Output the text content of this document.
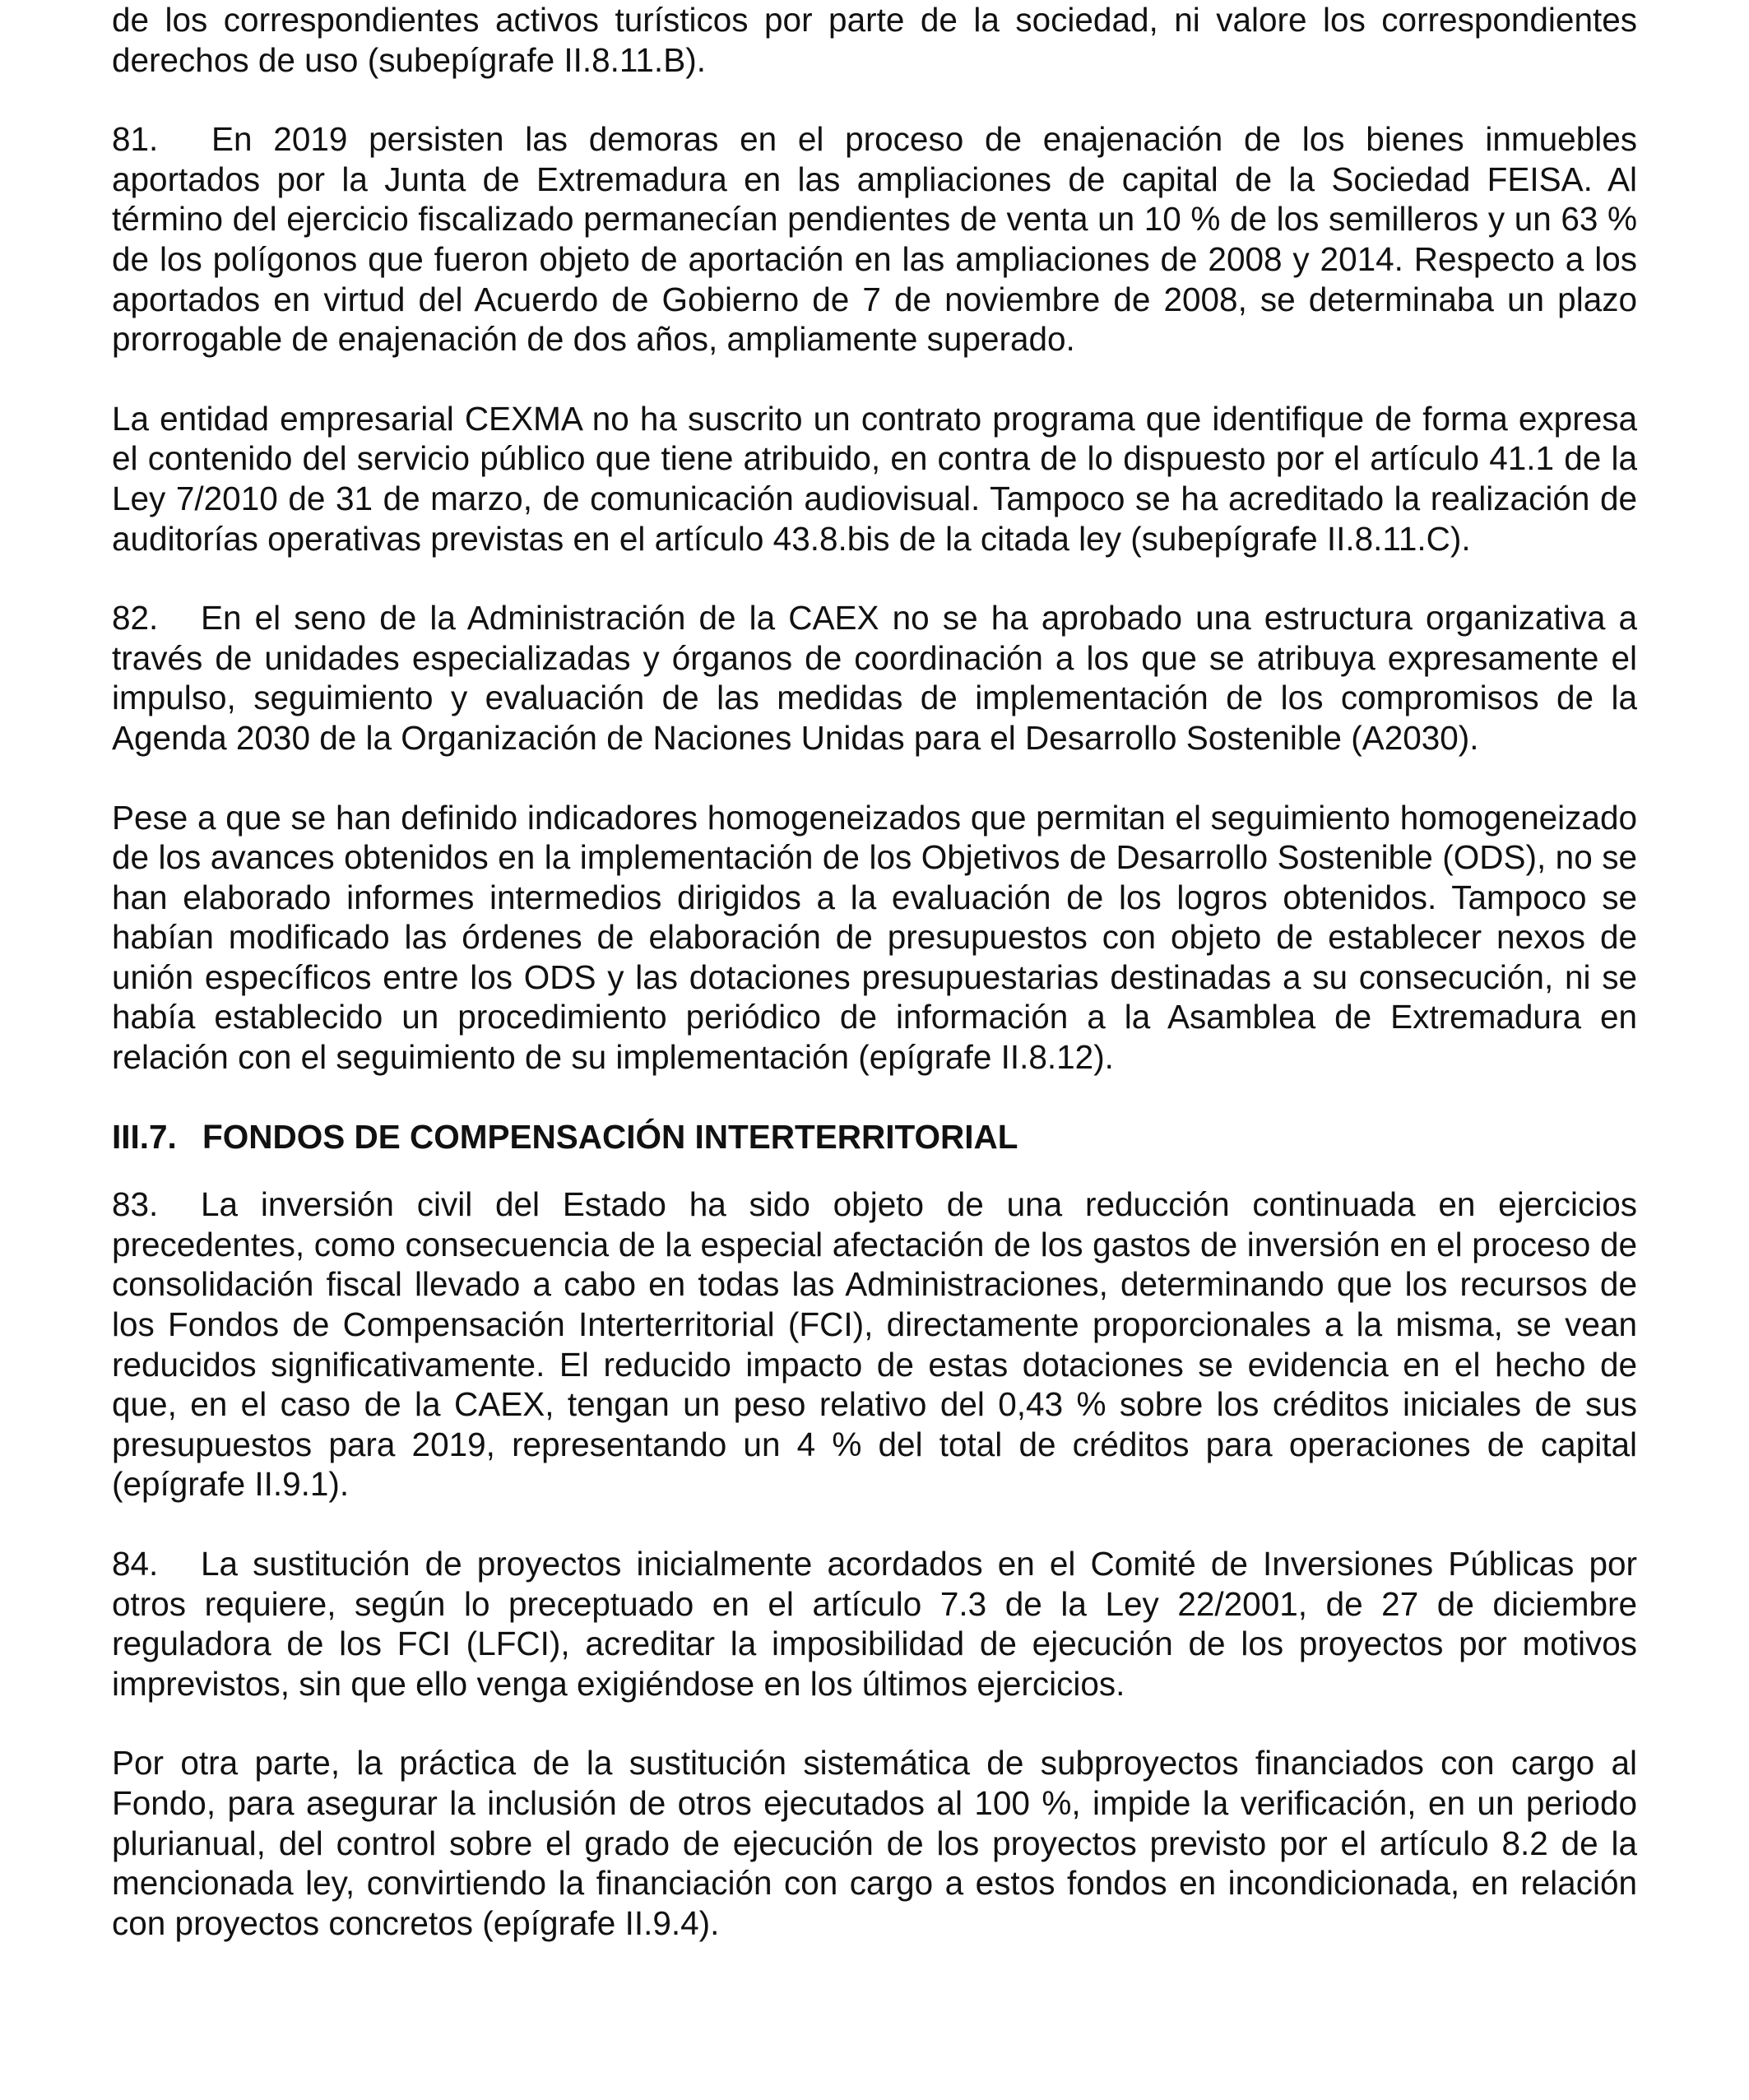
de los correspondientes activos turísticos por parte de la sociedad, ni valore los correspondientes derechos de uso (subepígrafe II.8.11.B).

81. En 2019 persisten las demoras en el proceso de enajenación de los bienes inmuebles aportados por la Junta de Extremadura en las ampliaciones de capital de la Sociedad FEISA. Al término del ejercicio fiscalizado permanecían pendientes de venta un 10 % de los semilleros y un 63 % de los polígonos que fueron objeto de aportación en las ampliaciones de 2008 y 2014. Respecto a los aportados en virtud del Acuerdo de Gobierno de 7 de noviembre de 2008, se determinaba un plazo prorrogable de enajenación de dos años, ampliamente superado.

La entidad empresarial CEXMA no ha suscrito un contrato programa que identifique de forma expresa el contenido del servicio público que tiene atribuido, en contra de lo dispuesto por el artículo 41.1 de la Ley 7/2010 de 31 de marzo, de comunicación audiovisual. Tampoco se ha acreditado la realización de auditorías operativas previstas en el artículo 43.8.bis de la citada ley (subepígrafe II.8.11.C).

82. En el seno de la Administración de la CAEX no se ha aprobado una estructura organizativa a través de unidades especializadas y órganos de coordinación a los que se atribuya expresamente el impulso, seguimiento y evaluación de las medidas de implementación de los compromisos de la Agenda 2030 de la Organización de Naciones Unidas para el Desarrollo Sostenible (A2030).

Pese a que se han definido indicadores homogeneizados que permitan el seguimiento homogeneizado de los avances obtenidos en la implementación de los Objetivos de Desarrollo Sostenible (ODS), no se han elaborado informes intermedios dirigidos a la evaluación de los logros obtenidos. Tampoco se habían modificado las órdenes de elaboración de presupuestos con objeto de establecer nexos de unión específicos entre los ODS y las dotaciones presupuestarias destinadas a su consecución, ni se había establecido un procedimiento periódico de información a la Asamblea de Extremadura en relación con el seguimiento de su implementación (epígrafe II.8.12).

III.7. FONDOS DE COMPENSACIÓN INTERTERRITORIAL

83. La inversión civil del Estado ha sido objeto de una reducción continuada en ejercicios precedentes, como consecuencia de la especial afectación de los gastos de inversión en el proceso de consolidación fiscal llevado a cabo en todas las Administraciones, determinando que los recursos de los Fondos de Compensación Interterritorial (FCI), directamente proporcionales a la misma, se vean reducidos significativamente. El reducido impacto de estas dotaciones se evidencia en el hecho de que, en el caso de la CAEX, tengan un peso relativo del 0,43 % sobre los créditos iniciales de sus presupuestos para 2019, representando un 4 % del total de créditos para operaciones de capital (epígrafe II.9.1).

84. La sustitución de proyectos inicialmente acordados en el Comité de Inversiones Públicas por otros requiere, según lo preceptuado en el artículo 7.3 de la Ley 22/2001, de 27 de diciembre reguladora de los FCI (LFCI), acreditar la imposibilidad de ejecución de los proyectos por motivos imprevistos, sin que ello venga exigiéndose en los últimos ejercicios.

Por otra parte, la práctica de la sustitución sistemática de subproyectos financiados con cargo al Fondo, para asegurar la inclusión de otros ejecutados al 100 %, impide la verificación, en un periodo plurianual, del control sobre el grado de ejecución de los proyectos previsto por el artículo 8.2 de la mencionada ley, convirtiendo la financiación con cargo a estos fondos en incondicionada, en relación con proyectos concretos (epígrafe II.9.4).
